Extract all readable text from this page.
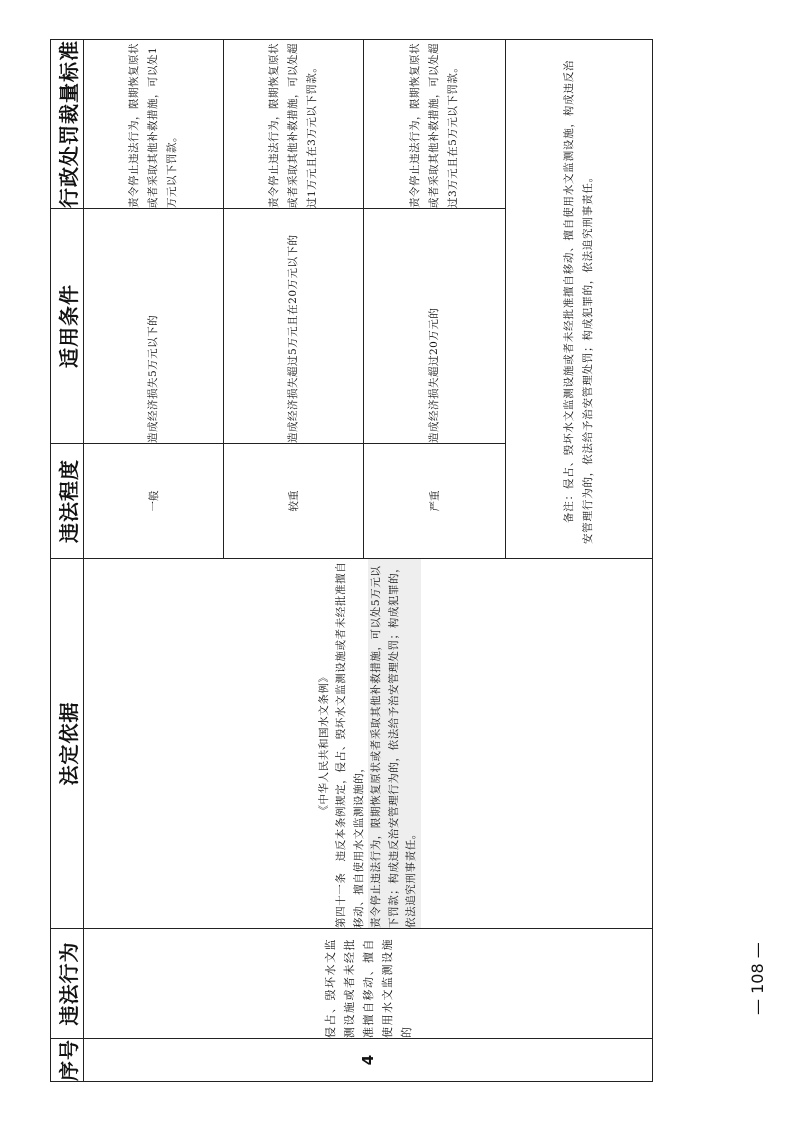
序号	违法行为	法定依据	违法程度	适用条件	行政处罚裁量标准
4	侵占、毁坏水文监测设施或者未经批准擅自移动、擅自使用水文监测设施的	《中华人民共和国水文条例》 第四十一条　违反本条例规定，侵占、毁坏水文监测设施或者未经批准擅自移动、擅自使用水文监测设施的， 责令停止违法行为，限期恢复原状或者采取其他补救措施，可以处5万元以下罚款；构成违反治安管理行为的，依法给予治安管理处罚；构成犯罪的，依法追究刑事责任。	一般	造成经济损失5万元以下的	责令停止违法行为，限期恢复原状或者采取其他补救措施，可以处1万元以下罚款。
			较重	造成经济损失超过5万元且在20万元以下的	责令停止违法行为，限期恢复原状或者采取其他补救措施，可以处超过1万元且在3万元以下罚款。
			严重	造成经济损失超过20万元的	责令停止违法行为，限期恢复原状或者采取其他补救措施，可以处超过3万元且在5万元以下罚款。

			备注：侵占、毁坏水文监测设施或者未经批准擅自移动、擅自使用水文监测设施，构成违反治安管理行为的，依法给予治安管理处罚；构成犯罪的，依法追究刑事责任。		
— 108 —
